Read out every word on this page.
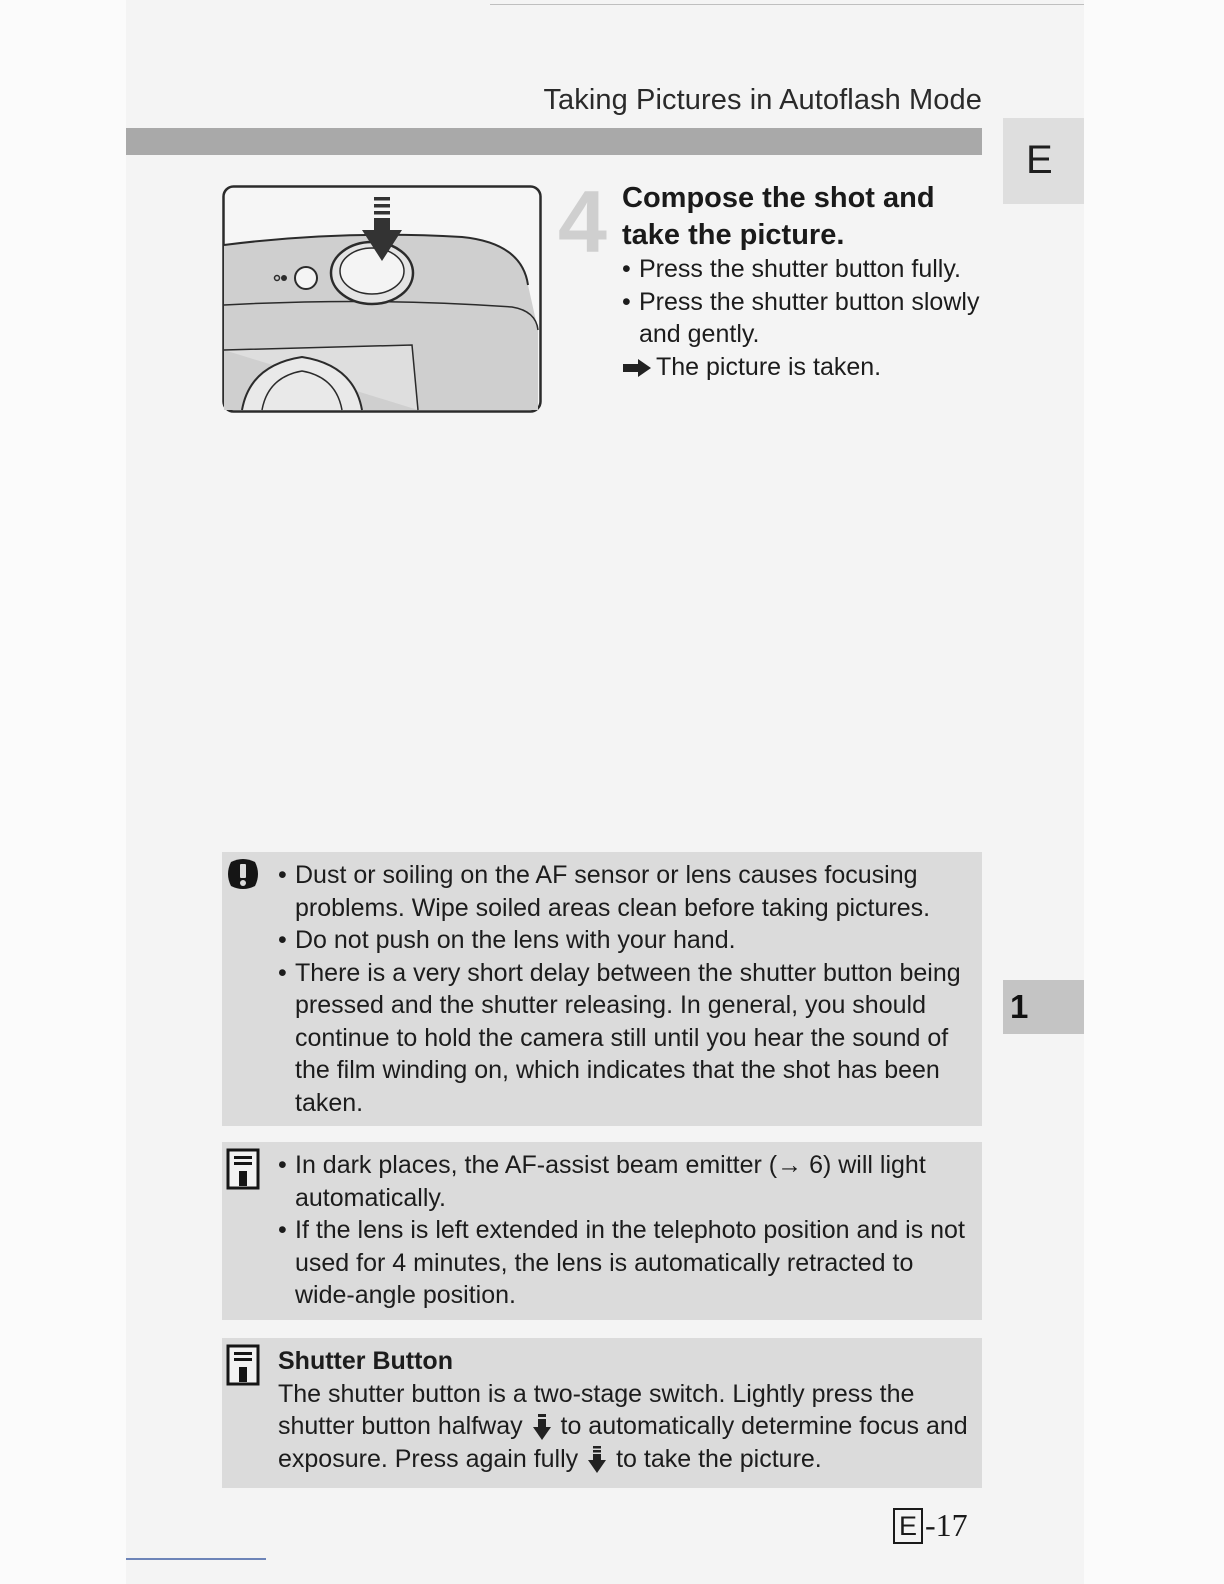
Taking Pictures in Autoflash Mode
E
1
4 Compose the shot and
take the picture.
• Press the shutter button fully.
• Press the shutter button slowly and gently.
The picture is taken.
• Dust or soiling on the AF sensor or lens causes focusing problems. Wipe soiled areas clean before taking pictures.
• Do not push on the lens with your hand.
• There is a very short delay between the shutter button being pressed and the shutter releasing. In general, you should continue to hold the camera still until you hear the sound of the film winding on, which indicates that the shot has been taken.
• In dark places, the AF-assist beam emitter (→ 6) will light automatically.
• If the lens is left extended in the telephoto position and is not used for 4 minutes, the lens is automatically retracted to wide-angle position.
Shutter Button
The shutter button is a two-stage switch. Lightly press the shutter button halfway to automatically determine focus and exposure. Press again fully to take the picture.
E -17
